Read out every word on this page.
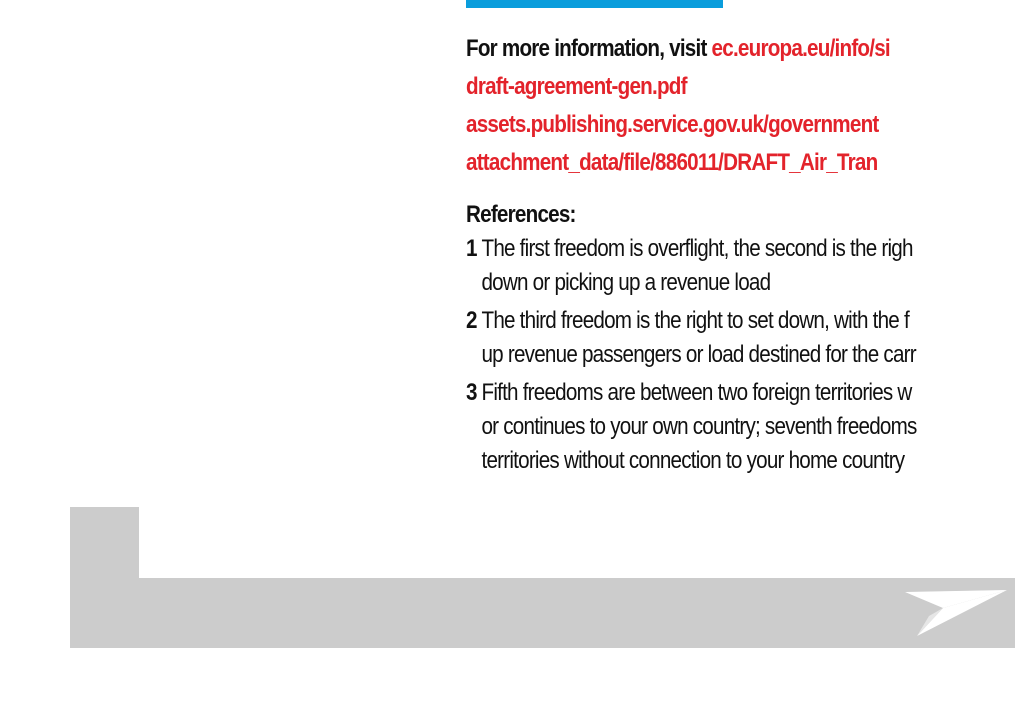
For more information, visit ec.europa.eu/info/si
draft-agreement-gen.pdf
assets.publishing.service.gov.uk/government
attachment_data/file/886011/DRAFT_Air_Tran
References:
1 The first freedom is overflight, the second is the righ
down or picking up a revenue load
2 The third freedom is the right to set down, with the f
up revenue passengers or load destined for the carr
3 Fifth freedoms are between two foreign territories w
or continues to your own country; seventh freedoms
territories without connection to your home country
